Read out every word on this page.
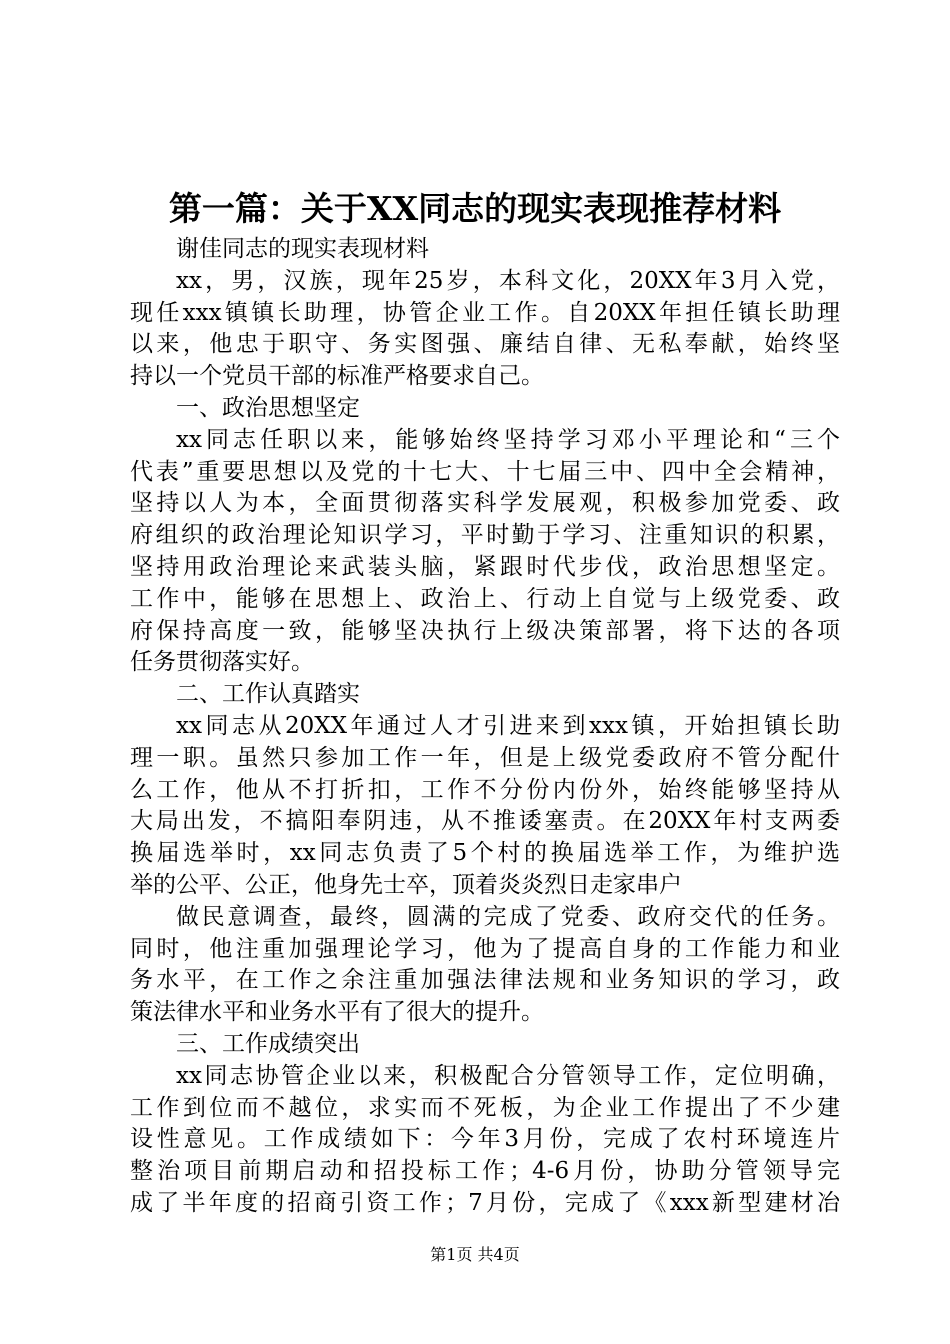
第一篇：关于XX同志的现实表现推荐材料
谢佳同志的现实表现材料
xx，男，汉族，现年25岁，本科文化，20XX年3月入党，
现任xxx镇镇长助理，协管企业工作。自20XX年担任镇长助理
以来，他忠于职守、务实图强、廉结自律、无私奉献，始终坚
持以一个党员干部的标准严格要求自己。
一、政治思想坚定
xx同志任职以来，能够始终坚持学习邓小平理论和“三个
代表”重要思想以及党的十七大、十七届三中、四中全会精神，
坚持以人为本，全面贯彻落实科学发展观，积极参加党委、政
府组织的政治理论知识学习，平时勤于学习、注重知识的积累，
坚持用政治理论来武装头脑，紧跟时代步伐，政治思想坚定。
工作中，能够在思想上、政治上、行动上自觉与上级党委、政
府保持高度一致，能够坚决执行上级决策部署，将下达的各项
任务贯彻落实好。
二、工作认真踏实
xx同志从20XX年通过人才引进来到xxx镇，开始担镇长助
理一职。虽然只参加工作一年，但是上级党委政府不管分配什
么工作，他从不打折扣，工作不分份内份外，始终能够坚持从
大局出发，不搞阳奉阴违，从不推诿塞责。在20XX年村支两委
换届选举时，xx同志负责了5个村的换届选举工作，为维护选
举的公平、公正，他身先士卒，顶着炎炎烈日走家串户
做民意调查，最终，圆满的完成了党委、政府交代的任务。
同时，他注重加强理论学习，他为了提高自身的工作能力和业
务水平，在工作之余注重加强法律法规和业务知识的学习，政
策法律水平和业务水平有了很大的提升。
三、工作成绩突出
xx同志协管企业以来，积极配合分管领导工作，定位明确，
工作到位而不越位，求实而不死板，为企业工作提出了不少建
设性意见。工作成绩如下：今年3月份，完成了农村环境连片
整治项目前期启动和招投标工作；4-6月份，协助分管领导完
成了半年度的招商引资工作；7月份，完成了《xxx新型建材冶
第1页 共4页
